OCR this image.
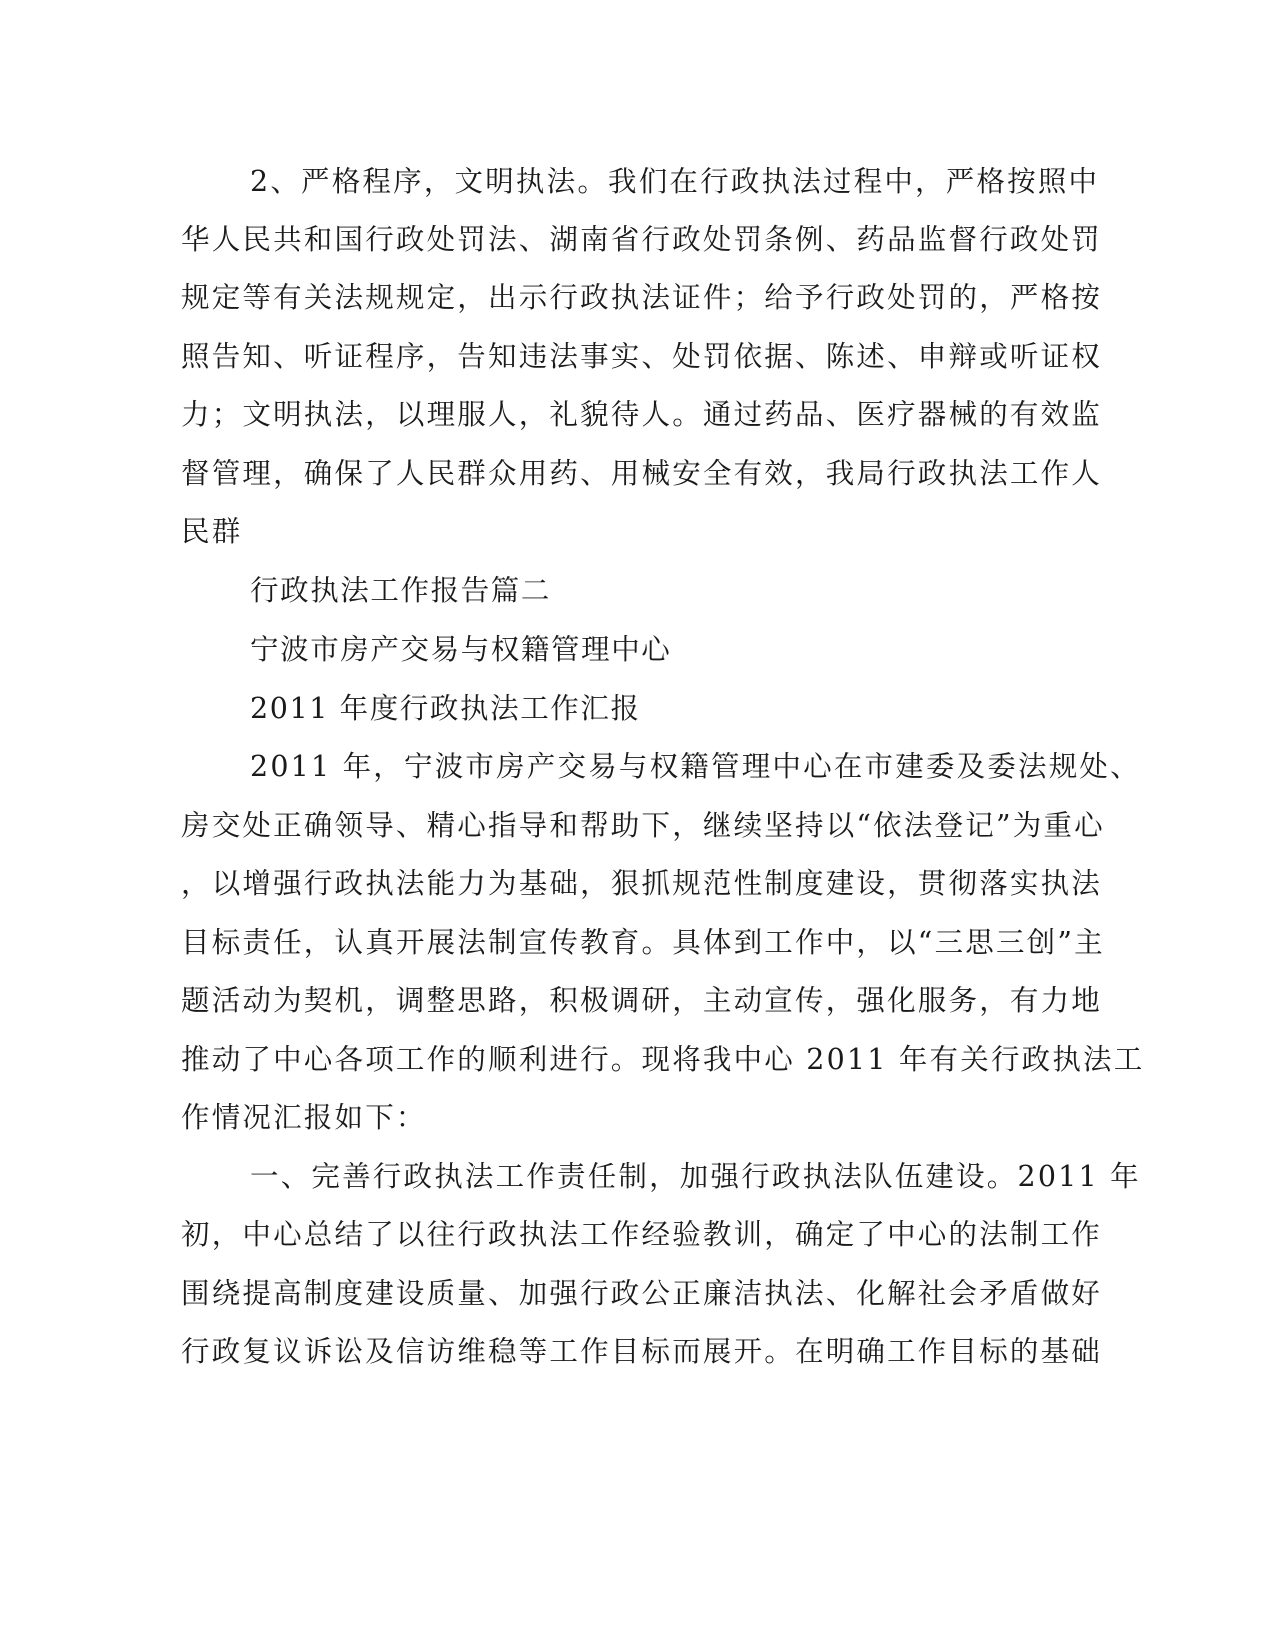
2、严格程序，文明执法。我们在行政执法过程中，严格按照中
华人民共和国行政处罚法、湖南省行政处罚条例、药品监督行政处罚
规定等有关法规规定，出示行政执法证件；给予行政处罚的，严格按
照告知、听证程序，告知违法事实、处罚依据、陈述、申辩或听证权
力；文明执法，以理服人，礼貌待人。通过药品、医疗器械的有效监
督管理，确保了人民群众用药、用械安全有效，我局行政执法工作人
民群
行政执法工作报告篇二
宁波市房产交易与权籍管理中心
2011 年度行政执法工作汇报
2011 年，宁波市房产交易与权籍管理中心在市建委及委法规处、
房交处正确领导、精心指导和帮助下，继续坚持以“依法登记”为重心
，以增强行政执法能力为基础，狠抓规范性制度建设，贯彻落实执法
目标责任，认真开展法制宣传教育。具体到工作中，以“三思三创”主
题活动为契机，调整思路，积极调研，主动宣传，强化服务，有力地
推动了中心各项工作的顺利进行。现将我中心 2011 年有关行政执法工
作情况汇报如下：
一、完善行政执法工作责任制，加强行政执法队伍建设。2011 年
初，中心总结了以往行政执法工作经验教训，确定了中心的法制工作
围绕提高制度建设质量、加强行政公正廉洁执法、化解社会矛盾做好
行政复议诉讼及信访维稳等工作目标而展开。在明确工作目标的基础
